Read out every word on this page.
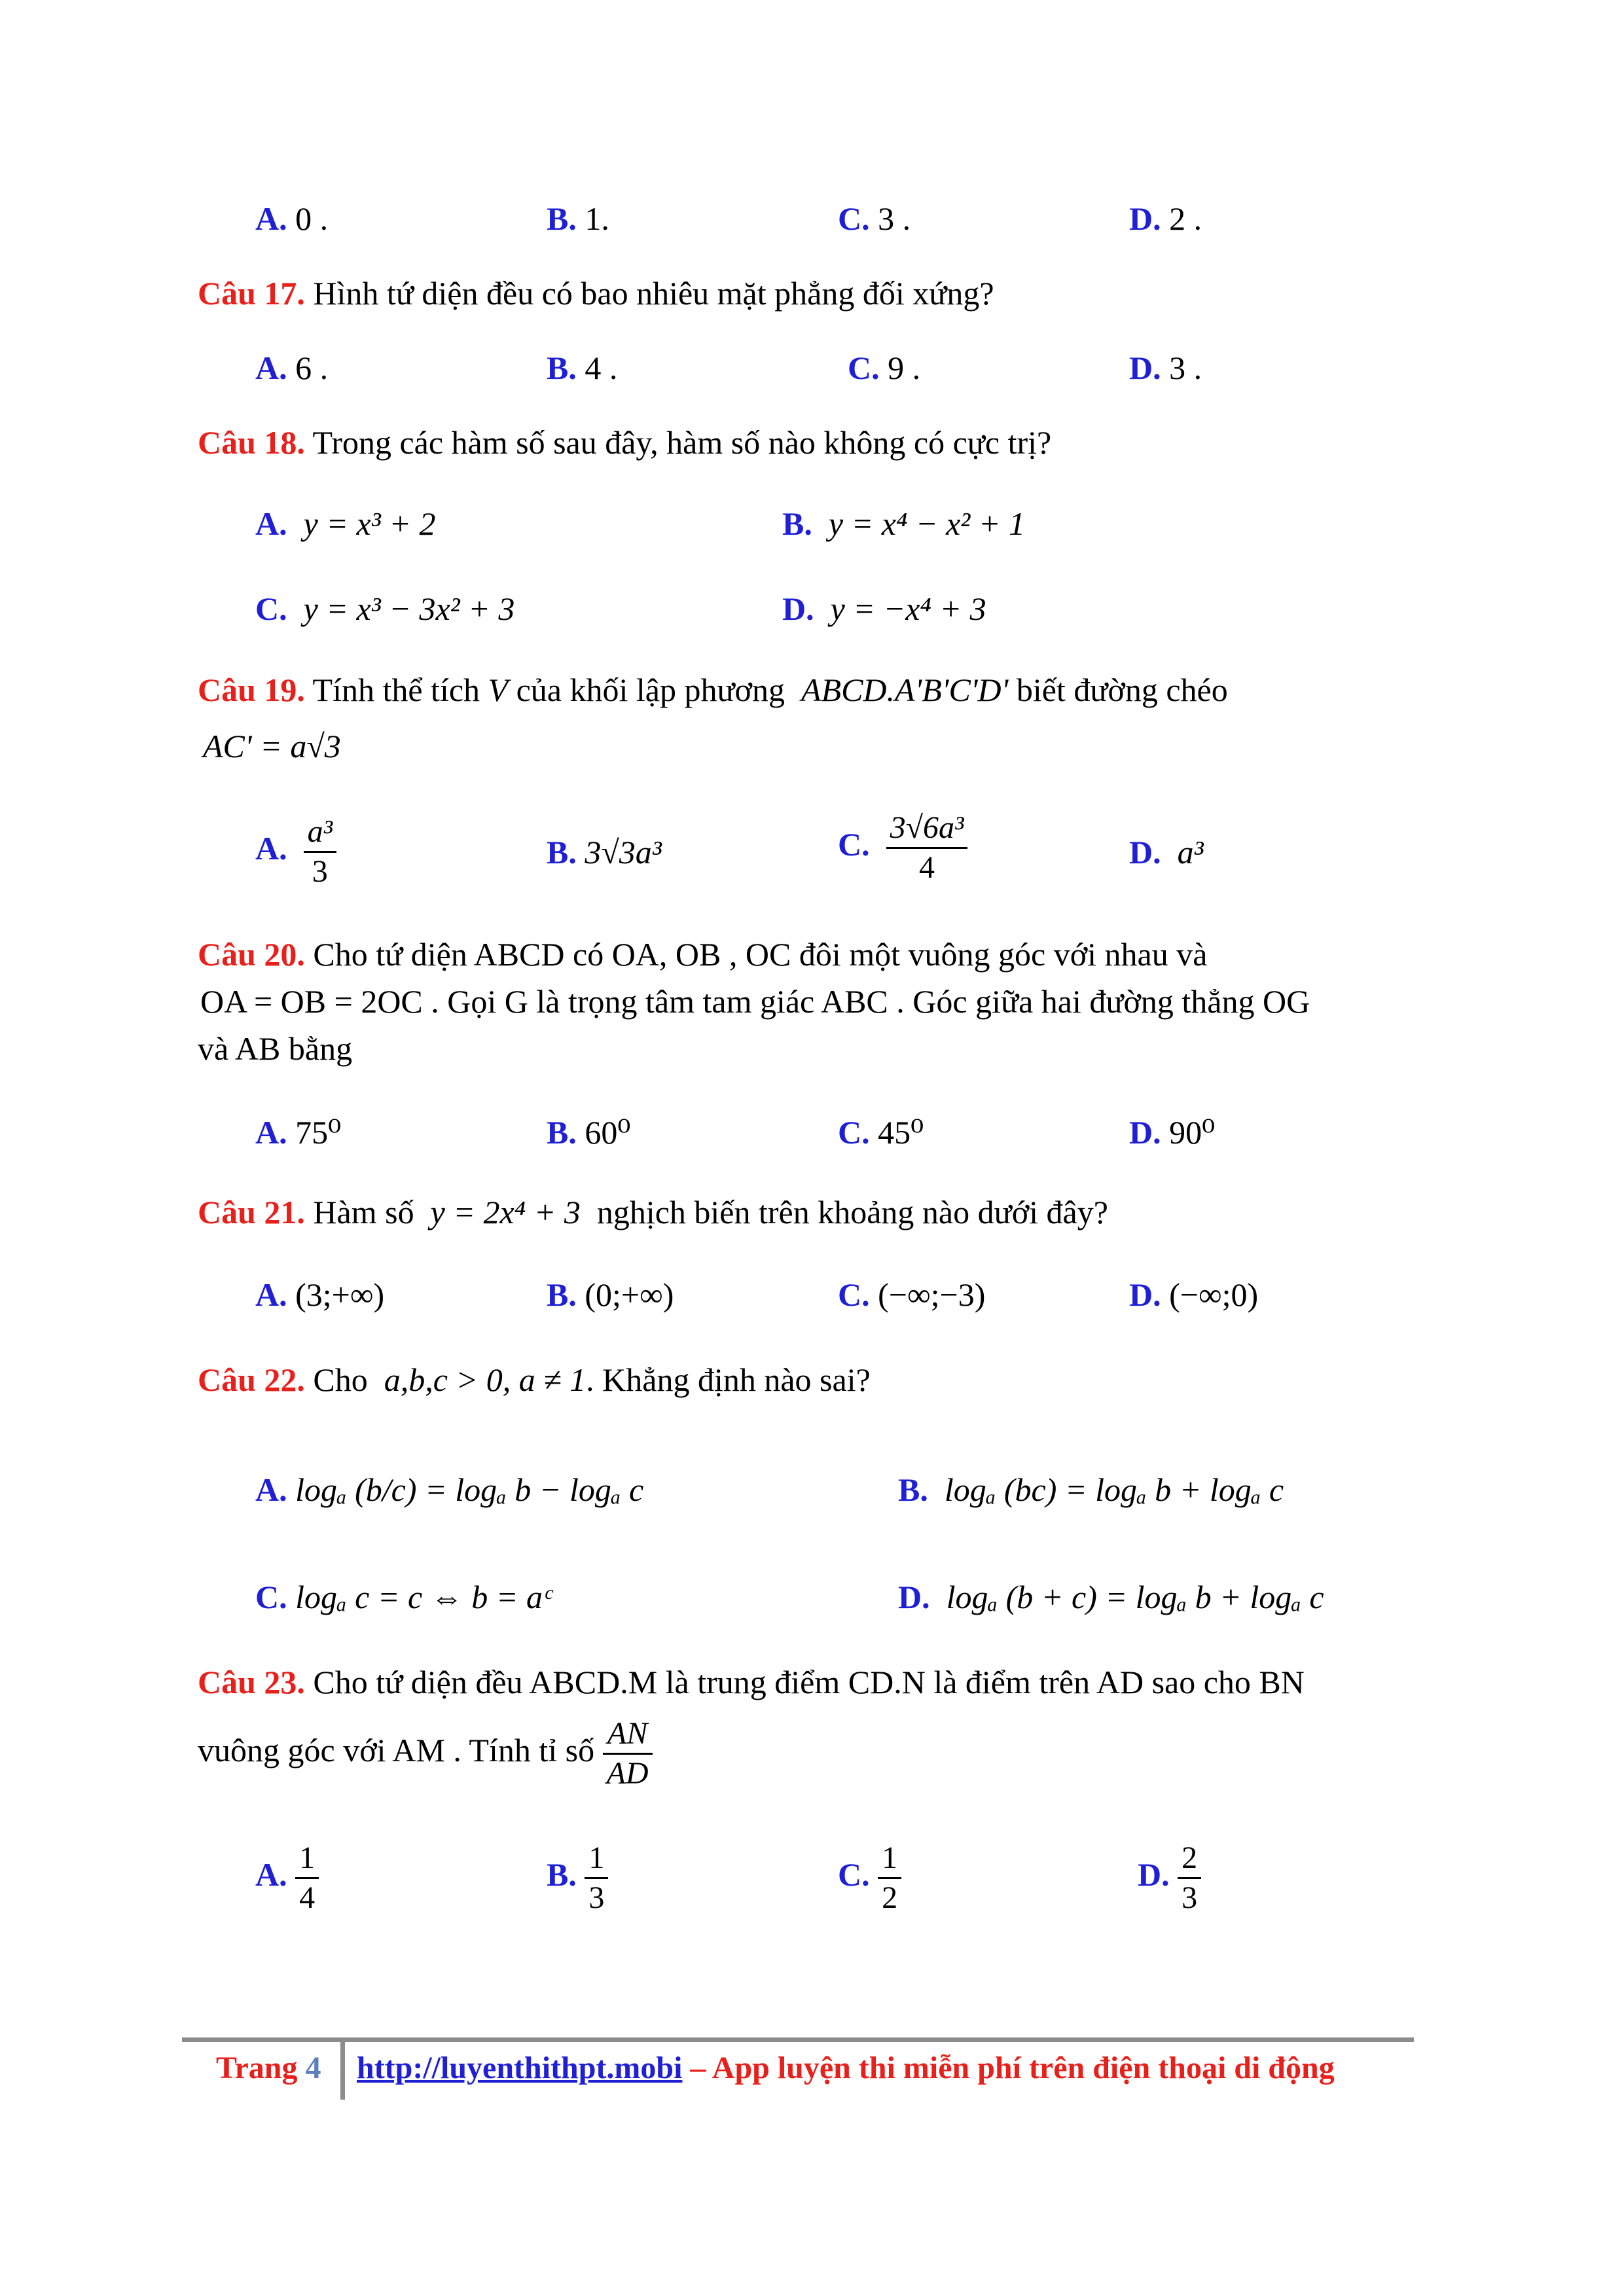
A. 0 .	B. 1.	C. 3 .	D. 2 .
Câu 17. Hình tứ diện đều có bao nhiêu mặt phẳng đối xứng?
A. 6 .	B. 4 .	C. 9 .	D. 3 .
Câu 18. Trong các hàm số sau đây, hàm số nào không có cực trị?
A. y = x³ + 2	B. y = x⁴ − x² + 1
C. y = x³ − 3x² + 3	D. y = −x⁴ + 3
Câu 19. Tính thể tích V của khối lập phương ABCD.A'B'C'D' biết đường chéo
AC' = a√3
A. $\frac{\text{a³}}{3}$	B. 3√3a³	C. $\frac{\text{3√6a³}}{4}$	D. a³
Câu 20. Cho tứ diện ABCD có OA, OB , OC đôi một vuông góc với nhau và
OA = OB = 2OC . Gọi G là trọng tâm tam giác ABC . Góc giữa hai đường thẳng OG
và AB bằng
A. 75⁰	B. 60⁰	C. 45⁰	D. 90⁰
Câu 21. Hàm số y = 2x⁴ + 3 nghịch biến trên khoảng nào dưới đây?
A. (3;+∞)	B. (0;+∞)	C. (−∞;−3)	D. (−∞;0)
Câu 22. Cho a,b,c > 0, a ≠ 1. Khẳng định nào sai?
A. logₐ (b/c) = logₐ b − logₐ c	B. logₐ (bc) = logₐ b + logₐ c
C. logₐ c = c ⇔ b = aᶜ	D. logₐ (b + c) = logₐ b + logₐ c
Câu 23. Cho tứ diện đều ABCD.M là trung điểm CD.N là điểm trên AD sao cho BN
vuông góc với AM . Tính tỉ số $\frac{AN}{AD}$
A. $\frac{1}{4}$	B. $\frac{1}{3}$	C. $\frac{1}{2}$	D. $\frac{2}{3}$
Trang 4 http://luyenthithpt.mobi – App luyện thi miễn phí trên điện thoại di động
